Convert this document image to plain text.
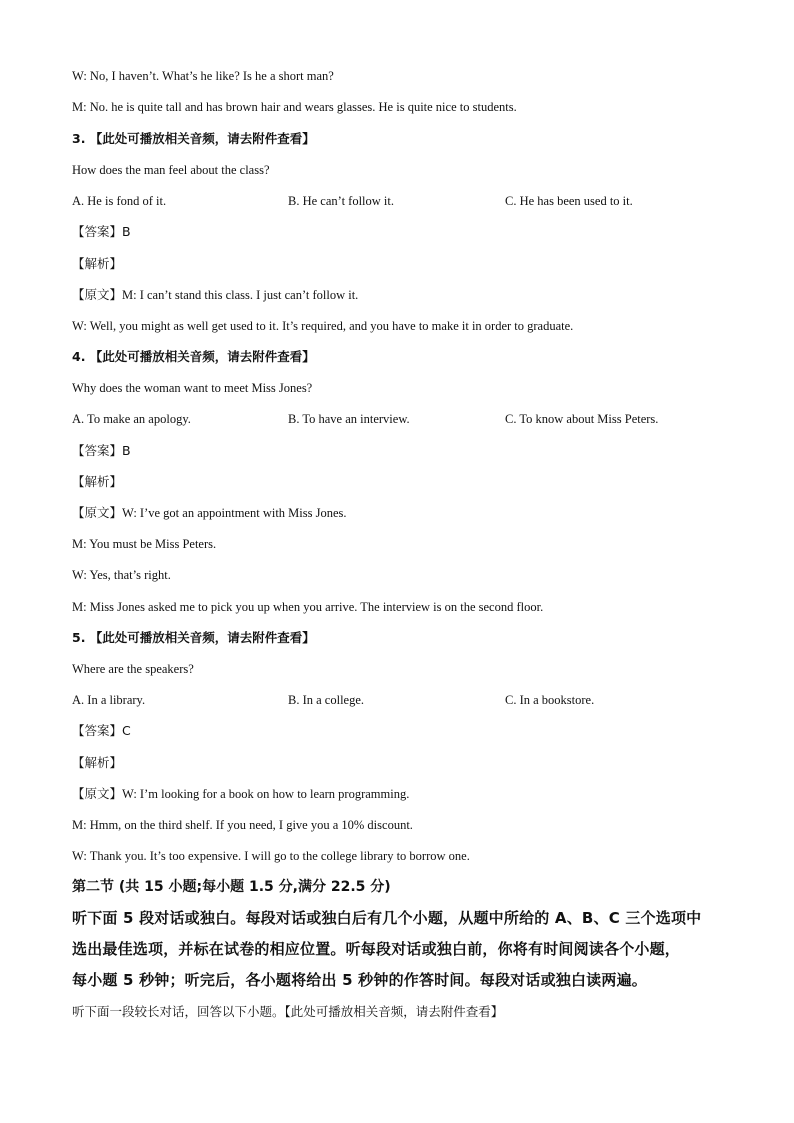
W: No, I haven’t. What’s he like? Is he a short man?
M: No. he is quite tall and has brown hair and wears glasses. He is quite nice to students.
3. 【此处可播放相关音频，请去附件查看】
How does the man feel about the class?
A. He is fond of it.	B. He can’t follow it.	C. He has been used to it.
【答案】B
【解析】
【原文】M: I can’t stand this class. I just can’t follow it.
W: Well, you might as well get used to it. It’s required, and you have to make it in order to graduate.
4. 【此处可播放相关音频，请去附件查看】
Why does the woman want to meet Miss Jones?
A. To make an apology.	B. To have an interview.	C. To know about Miss Peters.
【答案】B
【解析】
【原文】W: I’ve got an appointment with Miss Jones.
M: You must be Miss Peters.
W: Yes, that’s right.
M: Miss Jones asked me to pick you up when you arrive. The interview is on the second floor.
5. 【此处可播放相关音频，请去附件查看】
Where are the speakers?
A. In a library.	B. In a college.	C. In a bookstore.
【答案】C
【解析】
【原文】W: I’m looking for a book on how to learn programming.
M: Hmm, on the third shelf. If you need, I give you a 10% discount.
W: Thank you. It’s too expensive. I will go to the college library to borrow one.
第二节 (共 15 小题;每小题 1.5 分,满分 22.5 分)
听下面 5 段对话或独白。每段对话或独白后有几个小题，从题中所给的 A、B、C 三个选项中
选出最佳选项，并标在试卷的相应位置。听每段对话或独白前，你将有时间阅读各个小题，
每小题 5 秒钟；听完后，各小题将给出 5 秒钟的作答时间。每段对话或独白读两遍。
听下面一段较长对话，回答以下小题。【此处可播放相关音频，请去附件查看】
